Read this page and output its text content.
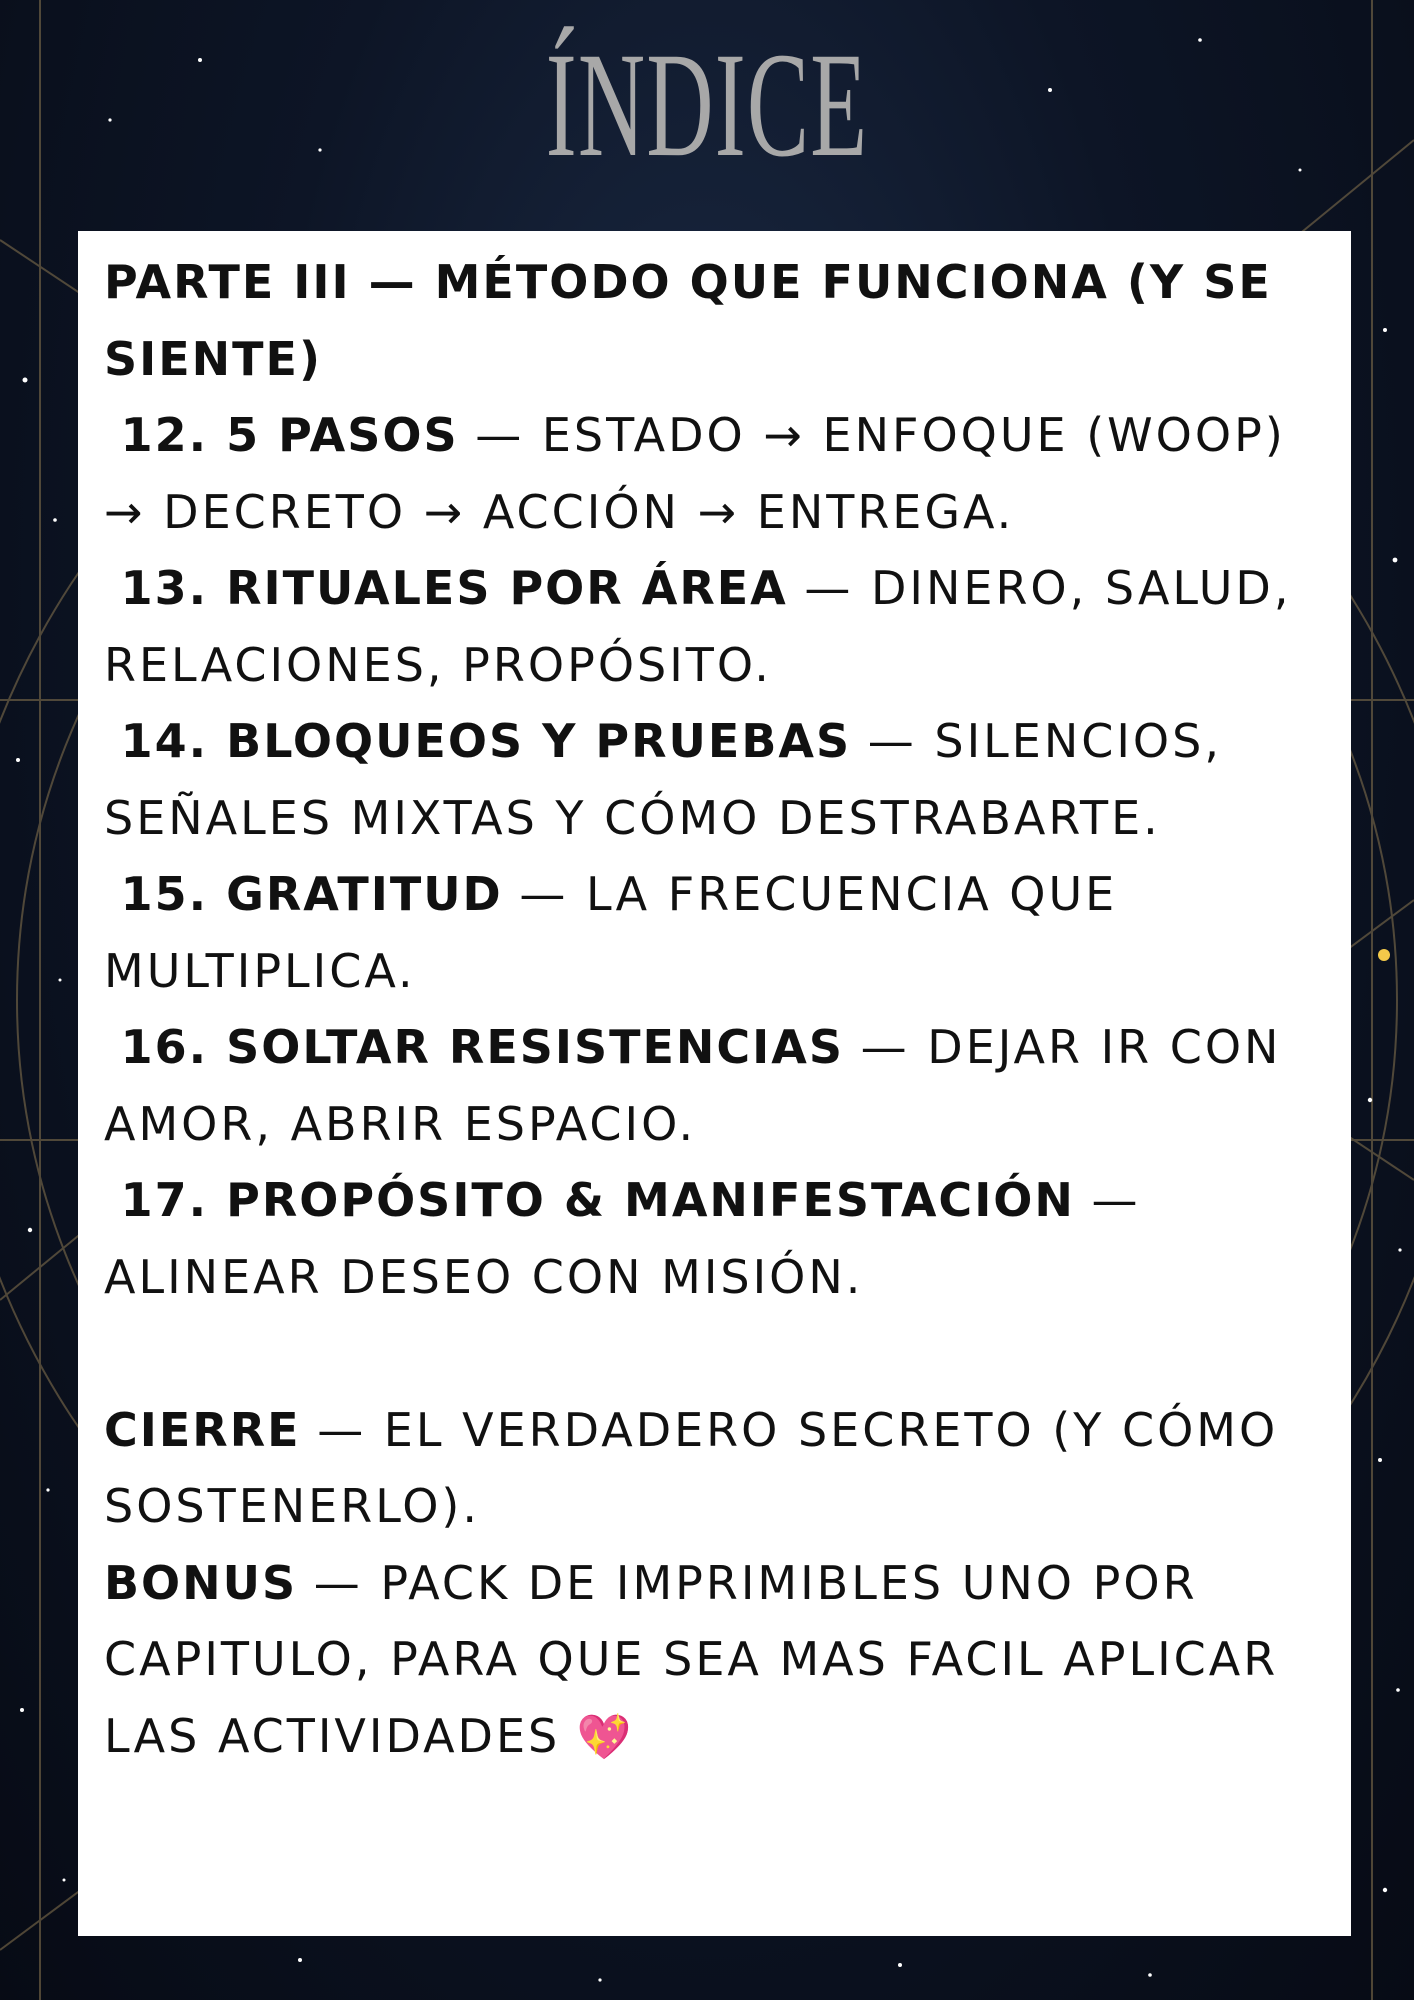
ÍNDICE
PARTE III — MÉTODO QUE FUNCIONA (Y SE SIENTE)
12. 5 PASOS — ESTADO → ENFOQUE (WOOP) → DECRETO → ACCIÓN → ENTREGA.
13. RITUALES POR ÁREA — DINERO, SALUD, RELACIONES, PROPÓSITO.
14. BLOQUEOS Y PRUEBAS — SILENCIOS, SEÑALES MIXTAS Y CÓMO DESTRABARTE.
15. GRATITUD — LA FRECUENCIA QUE MULTIPLICA.
16. SOLTAR RESISTENCIAS — DEJAR IR CON AMOR, ABRIR ESPACIO.
17. PROPÓSITO & MANIFESTACIÓN — ALINEAR DESEO CON MISIÓN.
CIERRE — EL VERDADERO SECRETO (Y CÓMO SOSTENERLO).
BONUS — PACK DE IMPRIMIBLES UNO POR CAPITULO, PARA QUE SEA MAS FACIL APLICAR LAS ACTIVIDADES 💖
